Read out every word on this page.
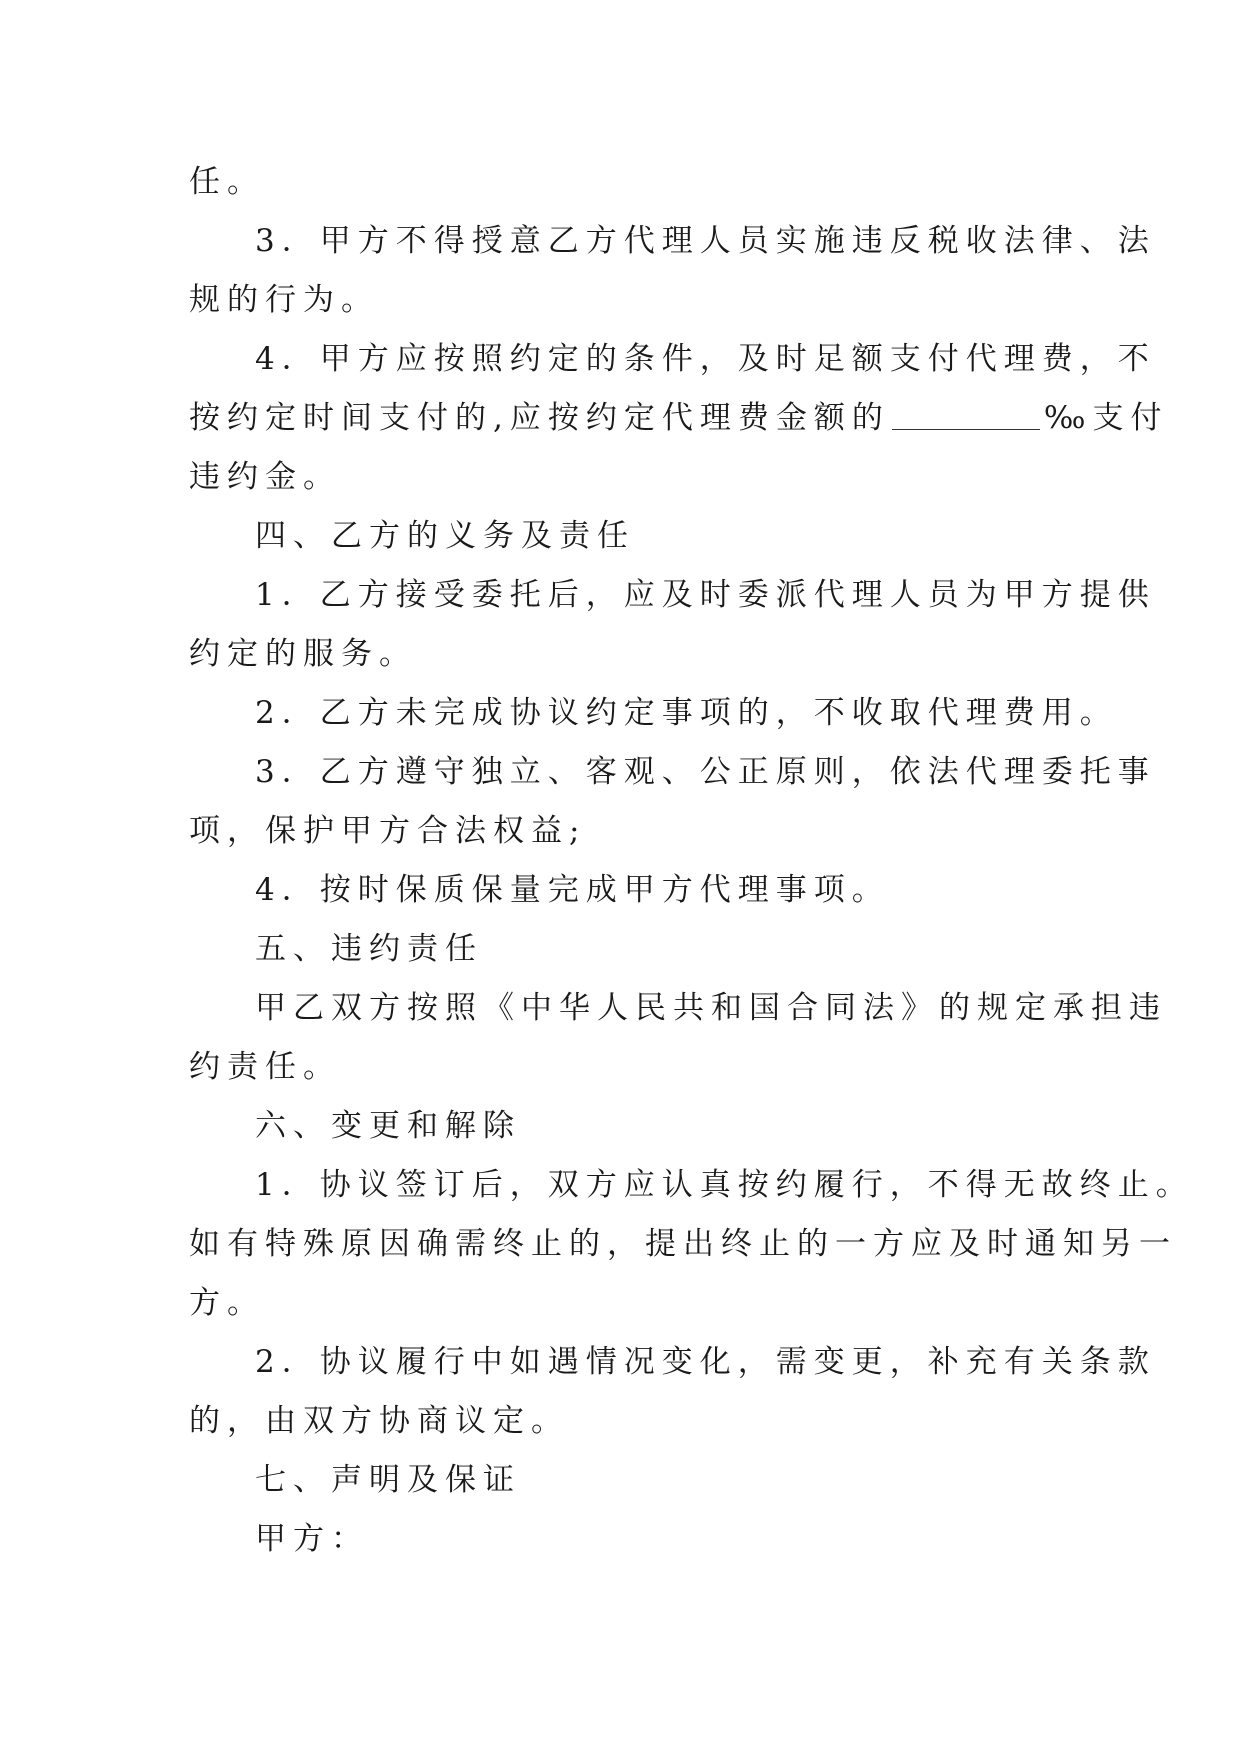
任。

3．甲方不得授意乙方代理人员实施违反税收法律、法

规的行为。

4．甲方应按照约定的条件，及时足额支付代理费，不

按约定时间支付的,应按约定代理费金额的	‰支付

违约金。

四、乙方的义务及责任

1．乙方接受委托后，应及时委派代理人员为甲方提供

约定的服务。

2．乙方未完成协议约定事项的，不收取代理费用。

3．乙方遵守独立、客观、公正原则，依法代理委托事

项，保护甲方合法权益;

4．按时保质保量完成甲方代理事项。

五、违约责任

甲乙双方按照《中华人民共和国合同法》的规定承担违

约责任。

六、变更和解除

1．协议签订后，双方应认真按约履行，不得无故终止。

如有特殊原因确需终止的，提出终止的一方应及时通知另一

方。

2．协议履行中如遇情况变化，需变更，补充有关条款

的，由双方协商议定。

七、声明及保证

甲方：
